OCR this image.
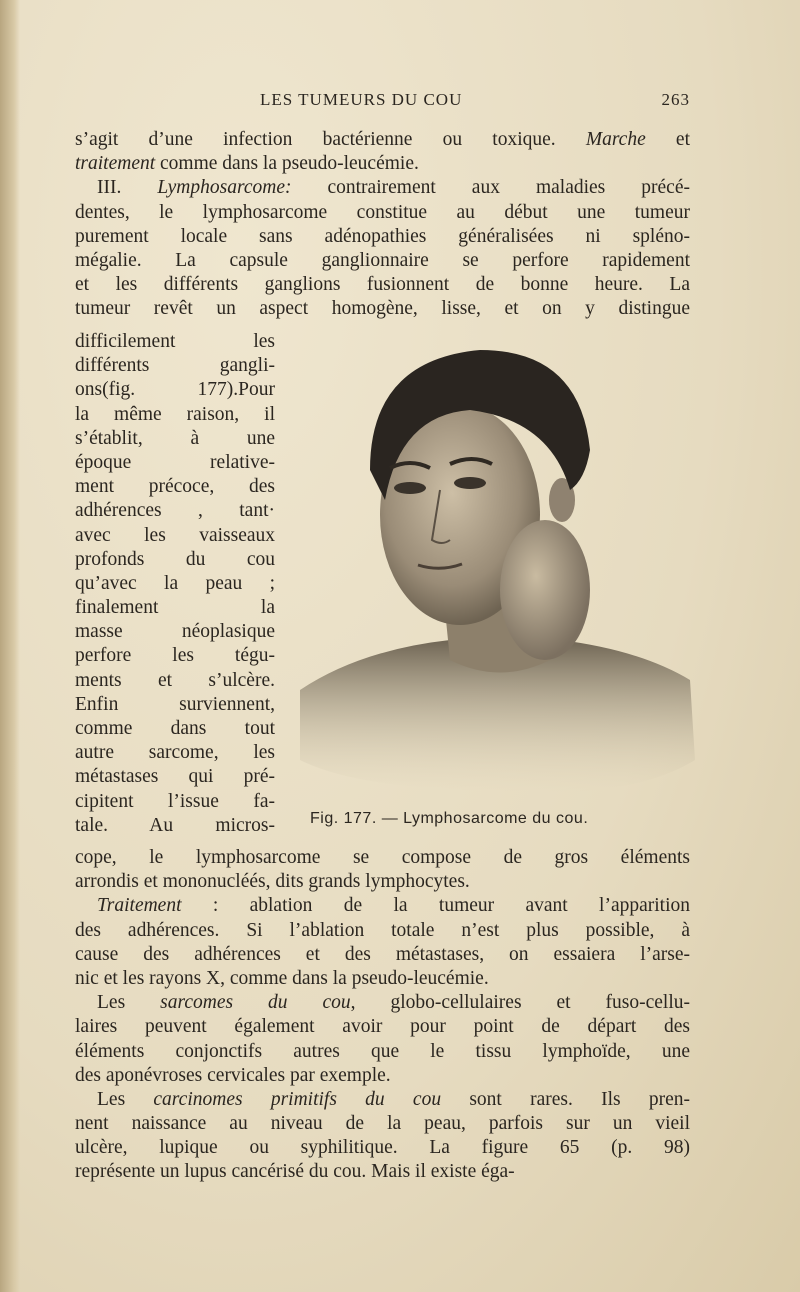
LES TUMEURS DU COU	263
s’agit d’une infection bactérienne ou toxique. Marche et
traitement comme dans la pseudo-leucémie.
III. Lymphosarcome: contrairement aux maladies précé-
dentes, le lymphosarcome constitue au début une tumeur
purement locale sans adénopathies généralisées ni spléno-
mégalie. La capsule ganglionnaire se perfore rapidement
et les différents ganglions fusionnent de bonne heure. La
tumeur revêt un aspect homogène, lisse, et on y distingue
difficilement les
différents gangli-
ons(fig. 177).Pour
la même raison, il
s’établit, à une
époque relative-
ment précoce, des
adhérences , tant·
avec les vaisseaux
profonds du cou
qu’avec la peau ;
finalement la
masse néoplasique
perfore les tégu-
ments et s’ulcère.
Enfin surviennent,
comme dans tout
autre sarcome, les
métastases qui pré-
cipitent l’issue fa-
tale. Au micros- Fig. 177. — Lymphosarcome du cou.
cope, le lymphosarcome se compose de gros éléments
arrondis et mononucléés, dits grands lymphocytes.
Traitement : ablation de la tumeur avant l’apparition
des adhérences. Si l’ablation totale n’est plus possible, à
cause des adhérences et des métastases, on essaiera l’arse-
nic et les rayons X, comme dans la pseudo-leucémie.
Les sarcomes du cou, globo-cellulaires et fuso-cellu-
laires peuvent également avoir pour point de départ des
éléments conjonctifs autres que le tissu lymphoïde, une
des aponévroses cervicales par exemple.
Les carcinomes primitifs du cou sont rares. Ils pren-
nent naissance au niveau de la peau, parfois sur un vieil
ulcère, lupique ou syphilitique. La figure 65 (p. 98)
représente un lupus cancérisé du cou. Mais il existe éga-
